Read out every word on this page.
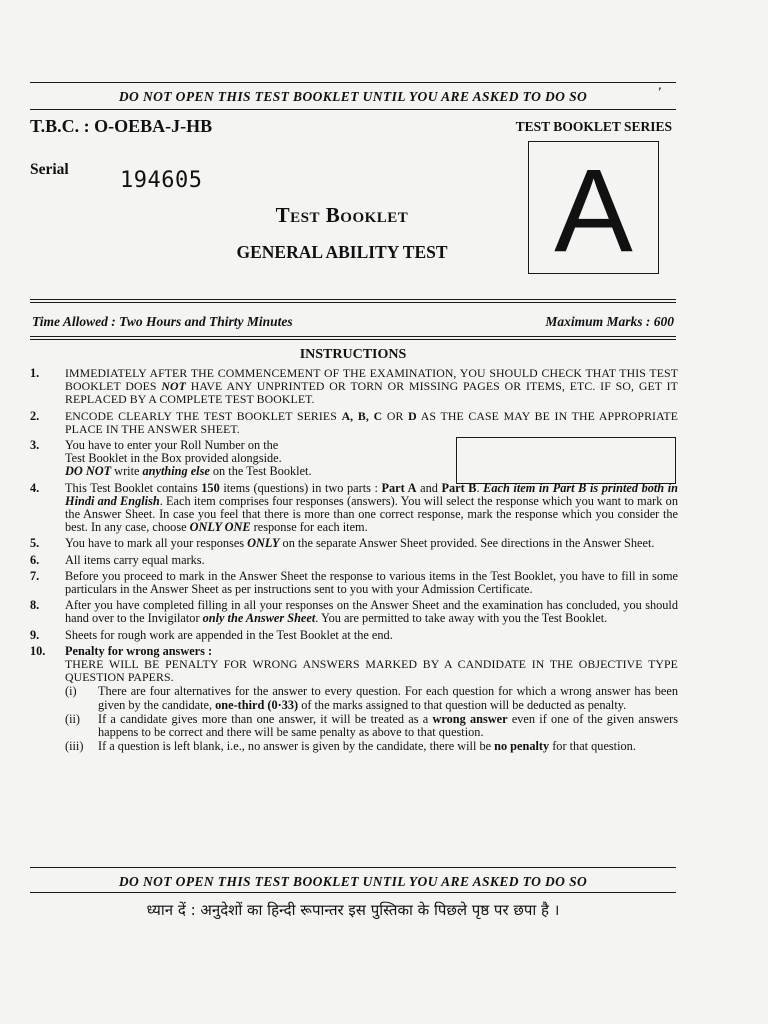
DO NOT OPEN THIS TEST BOOKLET UNTIL YOU ARE ASKED TO DO SO	′
T.B.C. : O-OEBA-J-HB	TEST BOOKLET SERIES
Serial 194605	A
Test Booklet
GENERAL ABILITY TEST
Time Allowed : Two Hours and Thirty Minutes	Maximum Marks : 600
INSTRUCTIONS
1.	IMMEDIATELY AFTER THE COMMENCEMENT OF THE EXAMINATION, YOU SHOULD CHECK THAT THIS TEST BOOKLET DOES NOT HAVE ANY UNPRINTED OR TORN OR MISSING PAGES OR ITEMS, ETC. IF SO, GET IT REPLACED BY A COMPLETE TEST BOOKLET.
2.	ENCODE CLEARLY THE TEST BOOKLET SERIES A, B, C OR D AS THE CASE MAY BE IN THE APPROPRIATE PLACE IN THE ANSWER SHEET.
3.	You have to enter your Roll Number on the
Test Booklet in the Box provided alongside.
DO NOT write anything else on the Test Booklet.
4.	This Test Booklet contains 150 items (questions) in two parts : Part A and Part B. Each item in Part B is printed both in Hindi and English. Each item comprises four responses (answers). You will select the response which you want to mark on the Answer Sheet. In case you feel that there is more than one correct response, mark the response which you consider the best. In any case, choose ONLY ONE response for each item.
5.	You have to mark all your responses ONLY on the separate Answer Sheet provided. See directions in the Answer Sheet.
6.	All items carry equal marks.
7.	Before you proceed to mark in the Answer Sheet the response to various items in the Test Booklet, you have to fill in some particulars in the Answer Sheet as per instructions sent to you with your Admission Certificate.
8.	After you have completed filling in all your responses on the Answer Sheet and the examination has concluded, you should hand over to the Invigilator only the Answer Sheet. You are permitted to take away with you the Test Booklet.
9.	Sheets for rough work are appended in the Test Booklet at the end.
10.	Penalty for wrong answers :
THERE WILL BE PENALTY FOR WRONG ANSWERS MARKED BY A CANDIDATE IN THE OBJECTIVE TYPE QUESTION PAPERS.
(i)	There are four alternatives for the answer to every question. For each question for which a wrong answer has been given by the candidate, one-third (0·33) of the marks assigned to that question will be deducted as penalty.
(ii)	If a candidate gives more than one answer, it will be treated as a wrong answer even if one of the given answers happens to be correct and there will be same penalty as above to that question.
(iii)	If a question is left blank, i.e., no answer is given by the candidate, there will be no penalty for that question.
DO NOT OPEN THIS TEST BOOKLET UNTIL YOU ARE ASKED TO DO SO
ध्यान दें : अनुदेशों का हिन्दी रूपान्तर इस पुस्तिका के पिछले पृष्ठ पर छपा है ।
